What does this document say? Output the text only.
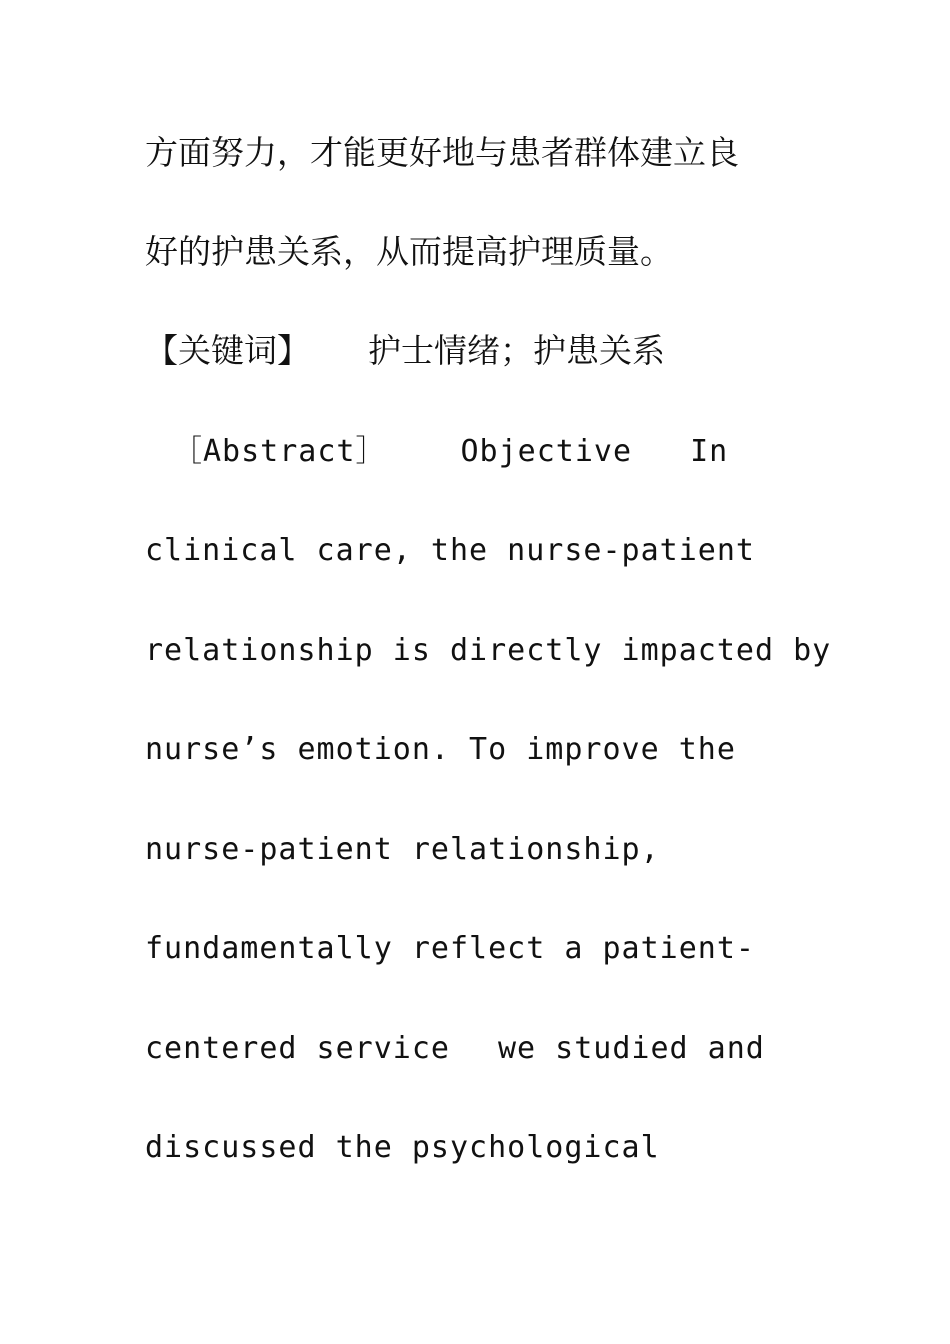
方面努力，才能更好地与患者群体建立良
好的护患关系，从而提高护理质量。
【关键词】 护士情绪；护患关系
［Abstract］ Objective In
clinical care, the nurse-patient
relationship is directly impacted by
nurse’s emotion. To improve the
nurse-patient relationship,
fundamentally reflect a patient-
centered service we studied and
discussed the psychological
